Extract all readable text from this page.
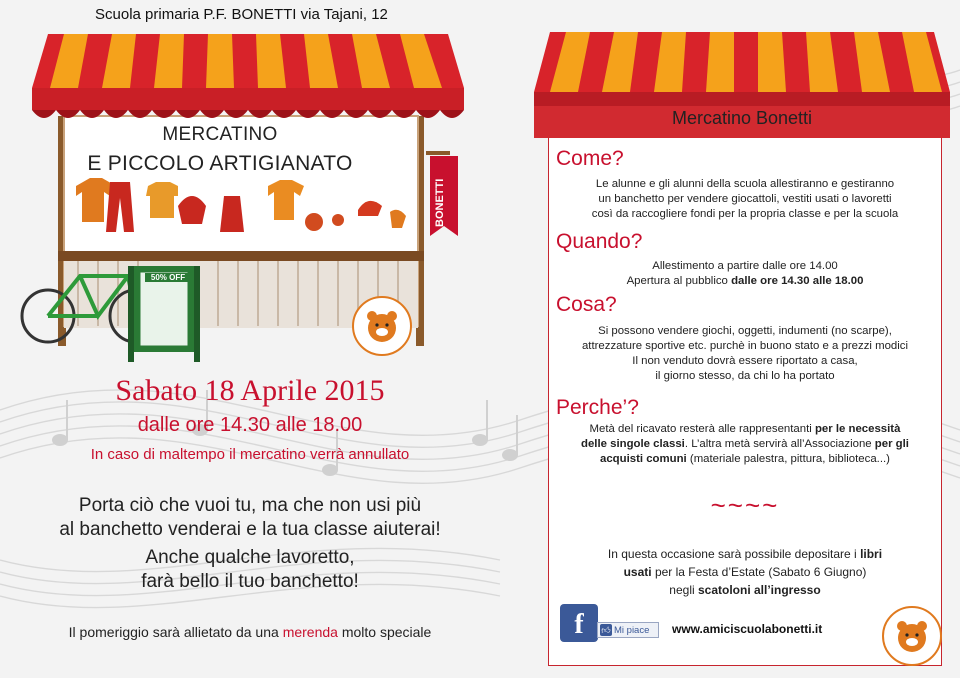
Scuola primaria P.F. BONETTI via Tajani, 12
MERCATINO
E PICCOLO ARTIGIANATO
BONETTI
50% OFF
Sabato 18 Aprile 2015
dalle ore 14.30 alle 18.00
In caso di maltempo il mercatino verrà annullato
Porta ciò che vuoi tu, ma che non usi più
al banchetto venderai e la tua classe aiuterai!
Anche qualche lavoretto,
farà bello il tuo banchetto!
Il pomeriggio sarà allietato da una merenda molto speciale
Mercatino Bonetti
Come?
Le alunne e gli alunni della scuola allestiranno e gestiranno
un banchetto per vendere giocattoli, vestiti usati o lavoretti
così da raccogliere fondi per la propria classe e per la scuola
Quando?
Allestimento a partire dalle ore 14.00
Apertura al pubblico dalle ore 14.30 alle 18.00
Cosa?
Si possono vendere giochi, oggetti, indumenti (no scarpe),
attrezzature sportive etc. purchè in buono stato e a prezzi modici
Il non venduto dovrà essere riportato a casa,
il giorno stesso, da chi lo ha portato
Perche’?
Metà del ricavato resterà alle rappresentanti per le necessità
delle singole classi. L’altra metà servirà all’Associazione per gli
acquisti comuni (materiale palestra, pittura, biblioteca...)
~~~~
In questa occasione sarà possibile depositare i libri
usati per la Festa d’Estate (Sabato 6 Giugno)
negli scatoloni all’ingresso
f	👍︎ Mi piace	www.amiciscuolabonetti.it
